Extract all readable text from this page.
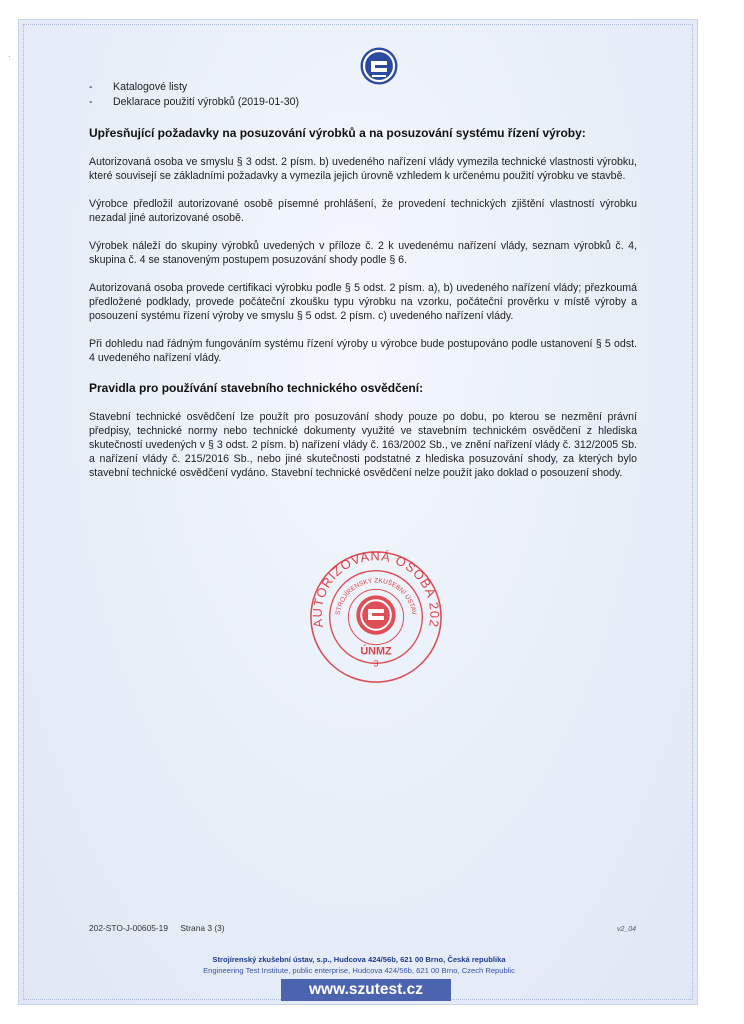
·
- Katalogové listy
- Deklarace použití výrobků (2019-01-30)
Upřesňující požadavky na posuzování výrobků a na posuzování systému řízení výroby:

Autorizovaná osoba ve smyslu § 3 odst. 2 písm. b) uvedeného nařízení vlády vymezila technické vlastnosti výrobku, které souvisejí se základními požadavky a vymezila jejich úrovně vzhledem k určenému použití výrobku ve stavbě.

Výrobce předložil autorizované osobě písemné prohlášení, že provedení technických zjištění vlastností výrobku nezadal jiné autorizované osobě.

Výrobek náleží do skupiny výrobků uvedených v příloze č. 2 k uvedenému nařízení vlády, seznam výrobků č. 4, skupina č. 4 se stanoveným postupem posuzování shody podle § 6.

Autorizovaná osoba provede certifikaci výrobku podle § 5 odst. 2 písm. a), b) uvedeného nařízení vlády; přezkoumá předložené podklady, provede počáteční zkoušku typu výrobku na vzorku, počáteční prověrku v místě výroby a posouzení systému řízení výroby ve smyslu § 5 odst. 2 písm. c) uvedeného nařízení vlády.

Při dohledu nad řádným fungováním systému řízení výroby u výrobce bude postupováno podle ustanovení § 5 odst. 4 uvedeného nařízení vlády.

Pravidla pro používání stavebního technického osvědčení:

Stavební technické osvědčení lze použít pro posuzování shody pouze po dobu, po kterou se nezmění právní předpisy, technické normy nebo technické dokumenty využité ve stavebním technickém osvědčení z hlediska skutečností uvedených v § 3 odst. 2 písm. b) nařízení vlády č. 163/2002 Sb., ve znění nařízení vlády č. 312/2005 Sb. a nařízení vlády č. 215/2016 Sb., nebo jiné skutečnosti podstatné z hlediska posuzování shody, za kterých bylo stavební technické osvědčení vydáno. Stavební technické osvědčení nelze použít jako doklad o posouzení shody.

AUTORIZOVANÁ OSOBA 202
STROJÍRENSKÝ ZKUŠEBNÍ ÚSTAV
ÚNMZ
3
202-STO-J-00605-19 Strana 3 (3)	v2_04
Strojírenský zkušební ústav, s.p., Hudcova 424/56b, 621 00 Brno, Česká republika
Engineering Test Institute, public enterprise, Hudcova 424/56b, 621 00 Brno, Czech Republic
www.szutest.cz
